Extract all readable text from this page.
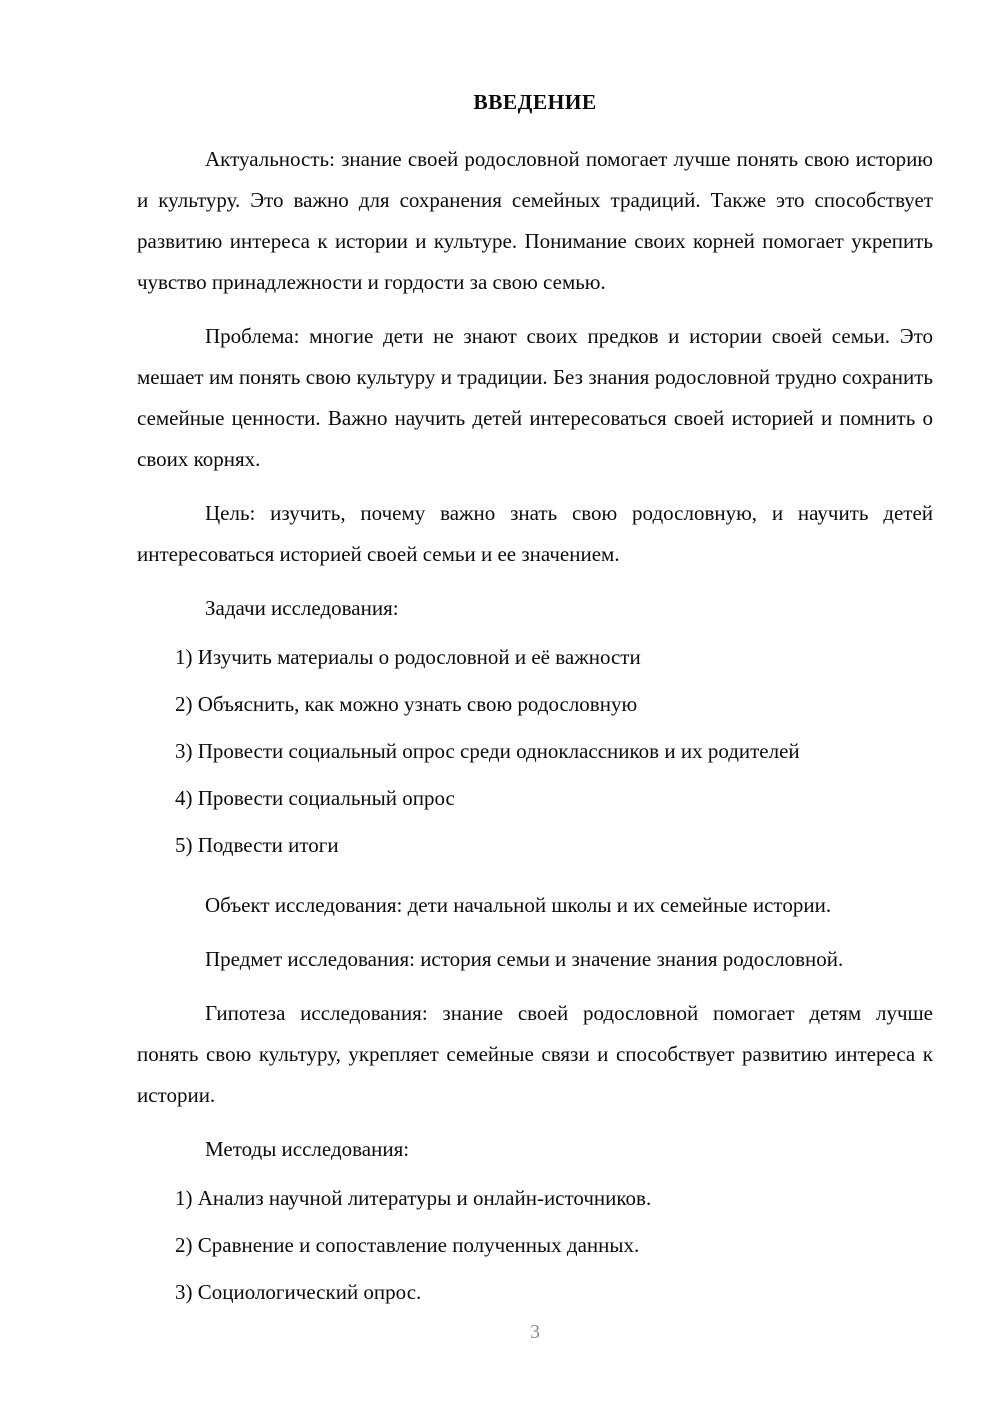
ВВЕДЕНИЕ

Актуальность: знание своей родословной помогает лучше понять свою историю и культуру. Это важно для сохранения семейных традиций. Также это способствует развитию интереса к истории и культуре. Понимание своих корней помогает укрепить чувство принадлежности и гордости за свою семью.

Проблема: многие дети не знают своих предков и истории своей семьи. Это мешает им понять свою культуру и традиции. Без знания родословной трудно сохранить семейные ценности. Важно научить детей интересоваться своей историей и помнить о своих корнях.

Цель: изучить, почему важно знать свою родословную, и научить детей интересоваться историей своей семьи и ее значением.

Задачи исследования:

1) Изучить материалы о родословной и её важности
2) Объяснить, как можно узнать свою родословную
3) Провести социальный опрос среди одноклассников и их родителей
4) Провести социальный опрос
5) Подвести итоги

Объект исследования: дети начальной школы и их семейные истории.

Предмет исследования: история семьи и значение знания родословной.

Гипотеза исследования: знание своей родословной помогает детям лучше понять свою культуру, укрепляет семейные связи и способствует развитию интереса к истории.

Методы исследования:

1) Анализ научной литературы и онлайн-источников.
2) Сравнение и сопоставление полученных данных.
3) Социологический опрос.
3
